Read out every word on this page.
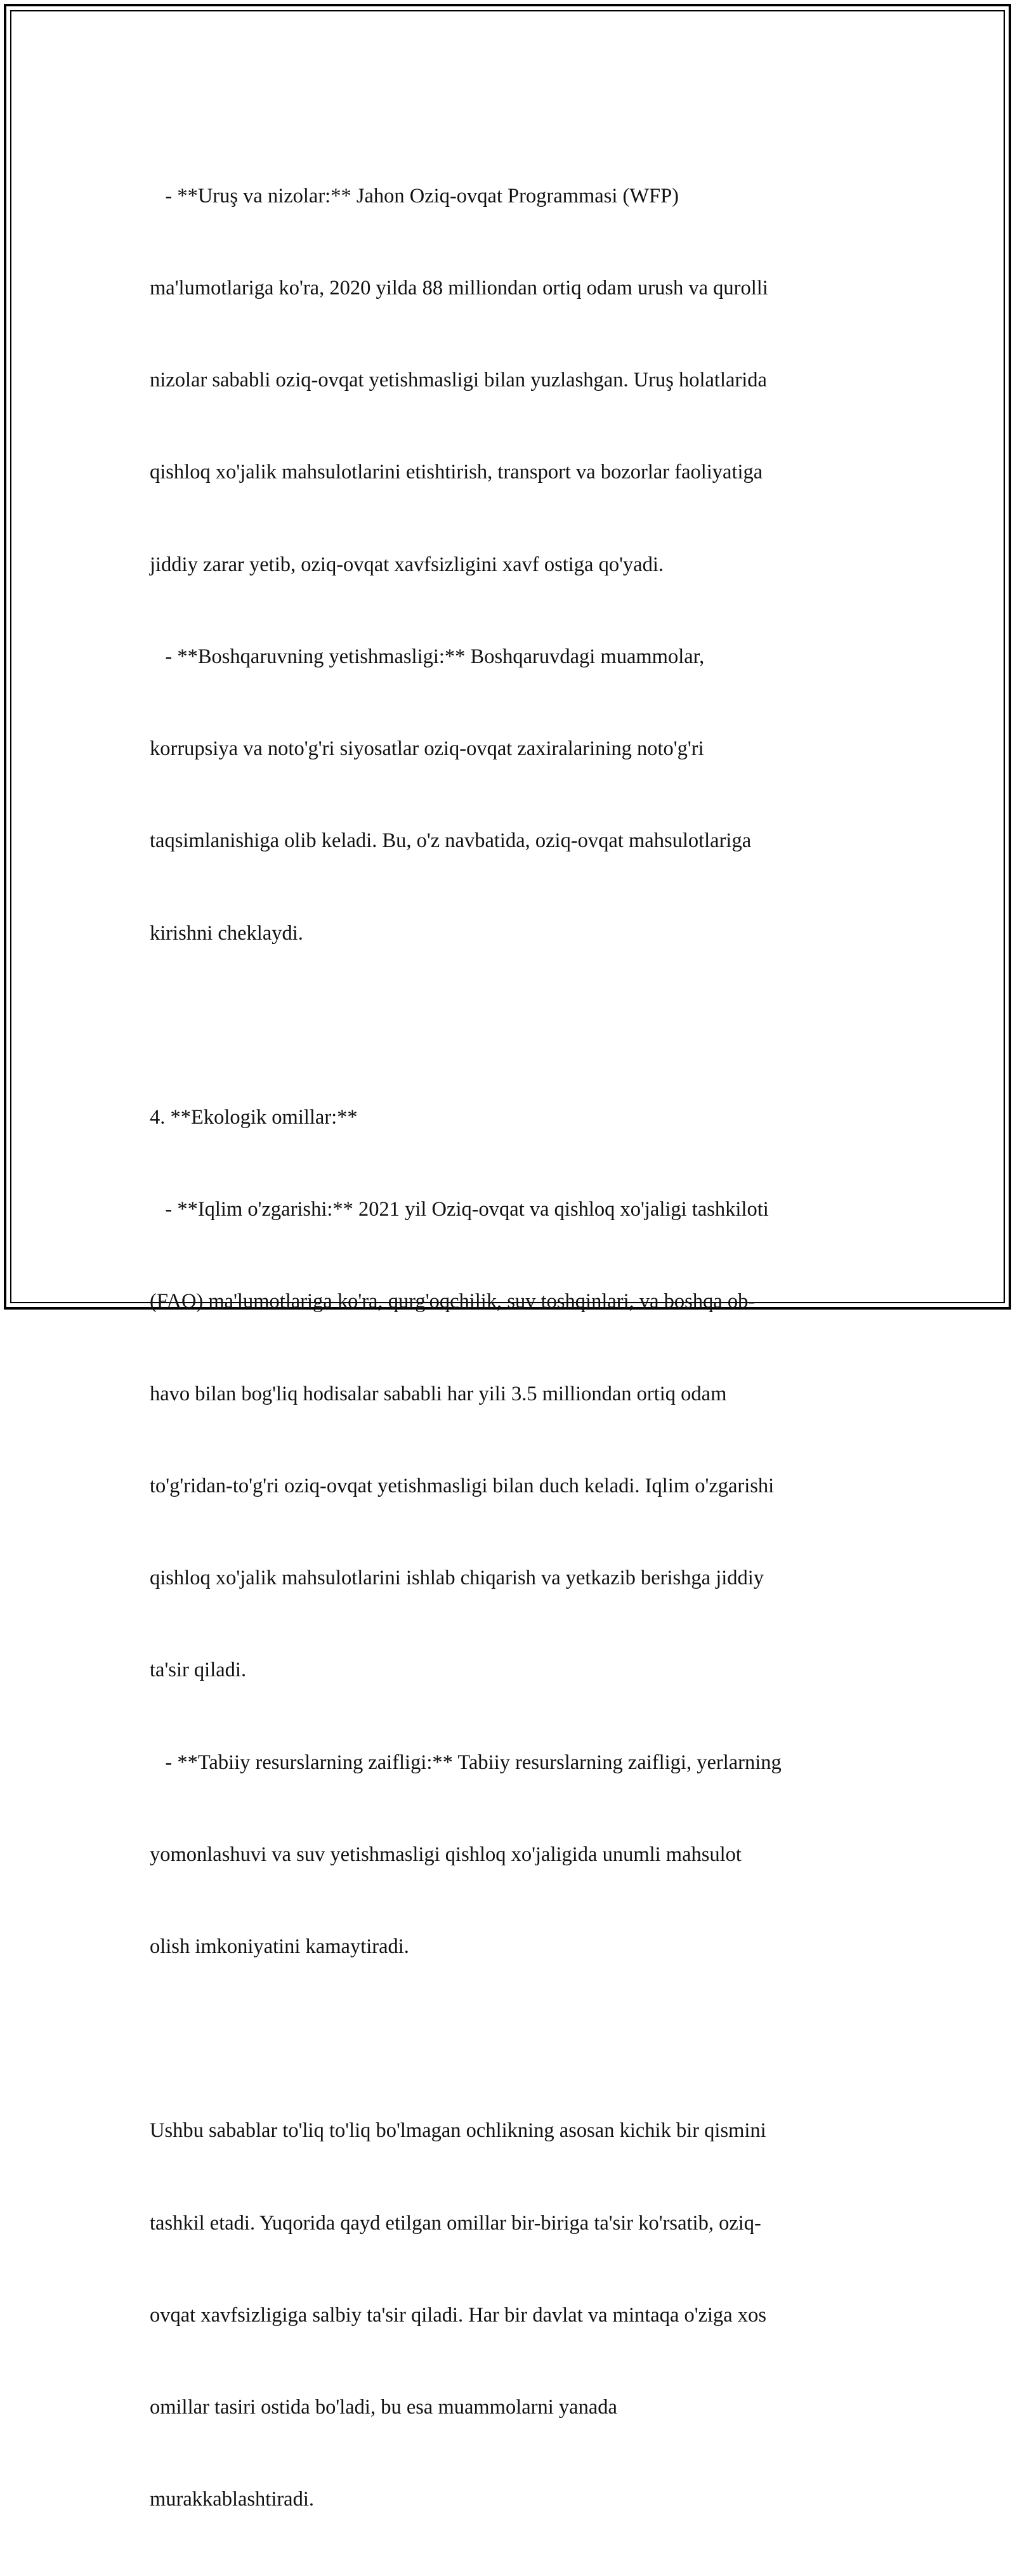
- **Uruş va nizolar:** Jahon Oziq-ovqat Programmasi (WFP)

ma'lumotlariga ko'ra, 2020 yilda 88 milliondan ortiq odam urush va qurolli

nizolar sababli oziq-ovqat yetishmasligi bilan yuzlashgan. Uruş holatlarida

qishloq xo'jalik mahsulotlarini etishtirish, transport va bozorlar faoliyatiga

jiddiy zarar yetib, oziq-ovqat xavfsizligini xavf ostiga qo'yadi.

- **Boshqaruvning yetishmasligi:** Boshqaruvdagi muammolar,

korrupsiya va noto'g'ri siyosatlar oziq-ovqat zaxiralarining noto'g'ri

taqsimlanishiga olib keladi. Bu, o'z navbatida, oziq-ovqat mahsulotlariga

kirishni cheklaydi.

4. **Ekologik omillar:**

- **Iqlim o'zgarishi:** 2021 yil Oziq-ovqat va qishloq xo'jaligi tashkiloti

(FAO) ma'lumotlariga ko'ra, qurg'oqchilik, suv toshqinlari, va boshqa ob-

havo bilan bog'liq hodisalar sababli har yili 3.5 milliondan ortiq odam

to'g'ridan-to'g'ri oziq-ovqat yetishmasligi bilan duch keladi. Iqlim o'zgarishi

qishloq xo'jalik mahsulotlarini ishlab chiqarish va yetkazib berishga jiddiy

ta'sir qiladi.

- **Tabiiy resurslarning zaifligi:** Tabiiy resurslarning zaifligi, yerlarning

yomonlashuvi va suv yetishmasligi qishloq xo'jaligida unumli mahsulot

olish imkoniyatini kamaytiradi.

Ushbu sabablar to'liq to'liq bo'lmagan ochlikning asosan kichik bir qismini

tashkil etadi. Yuqorida qayd etilgan omillar bir-biriga ta'sir ko'rsatib, oziq-

ovqat xavfsizligiga salbiy ta'sir qiladi. Har bir davlat va mintaqa o'ziga xos

omillar tasiri ostida bo'ladi, bu esa muammolarni yanada

murakkablashtiradi.
